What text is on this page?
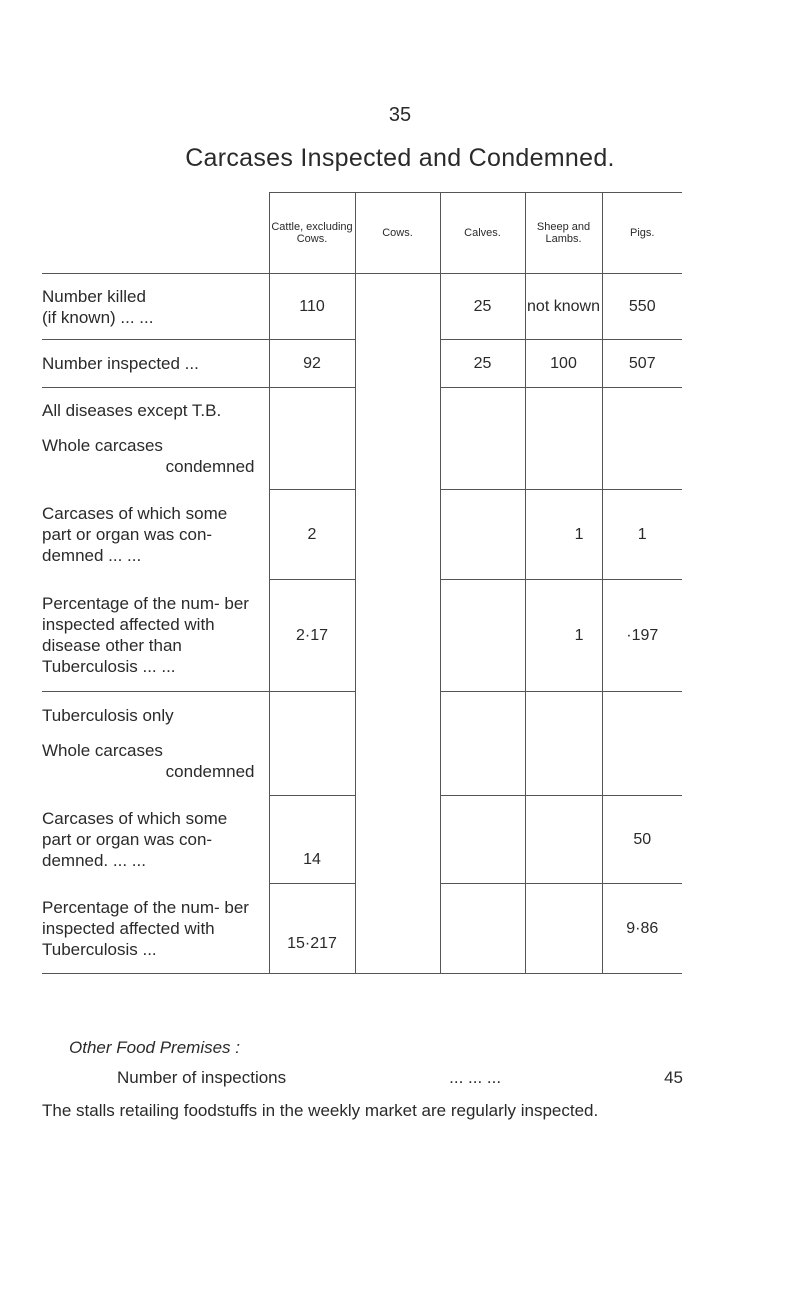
35
Carcases Inspected and Condemned.
	Cattle, excluding Cows.	Cows.	Calves.	Sheep and Lambs.	Pigs.
Number killed
(if known) ... ...	110		25	not known	550
Number inspected ...	92		25	100	507

All diseases except T.B.
Whole carcases

condemned					

Carcases of which some part or organ was con- demned ... ...	2			1	1
Percentage of the num- ber inspected affected with disease other than Tuberculosis ... ...	2·17			1	·197

Tuberculosis only
Whole carcases

condemned					

Carcases of which some part or organ was con- demned. ... ...	14				50
Percentage of the num- ber inspected affected with Tuberculosis ...	15·217				9·86
Other Food Premises :
Number of inspections	... ... ...	45
The stalls retailing foodstuffs in the weekly market are regularly inspected.
